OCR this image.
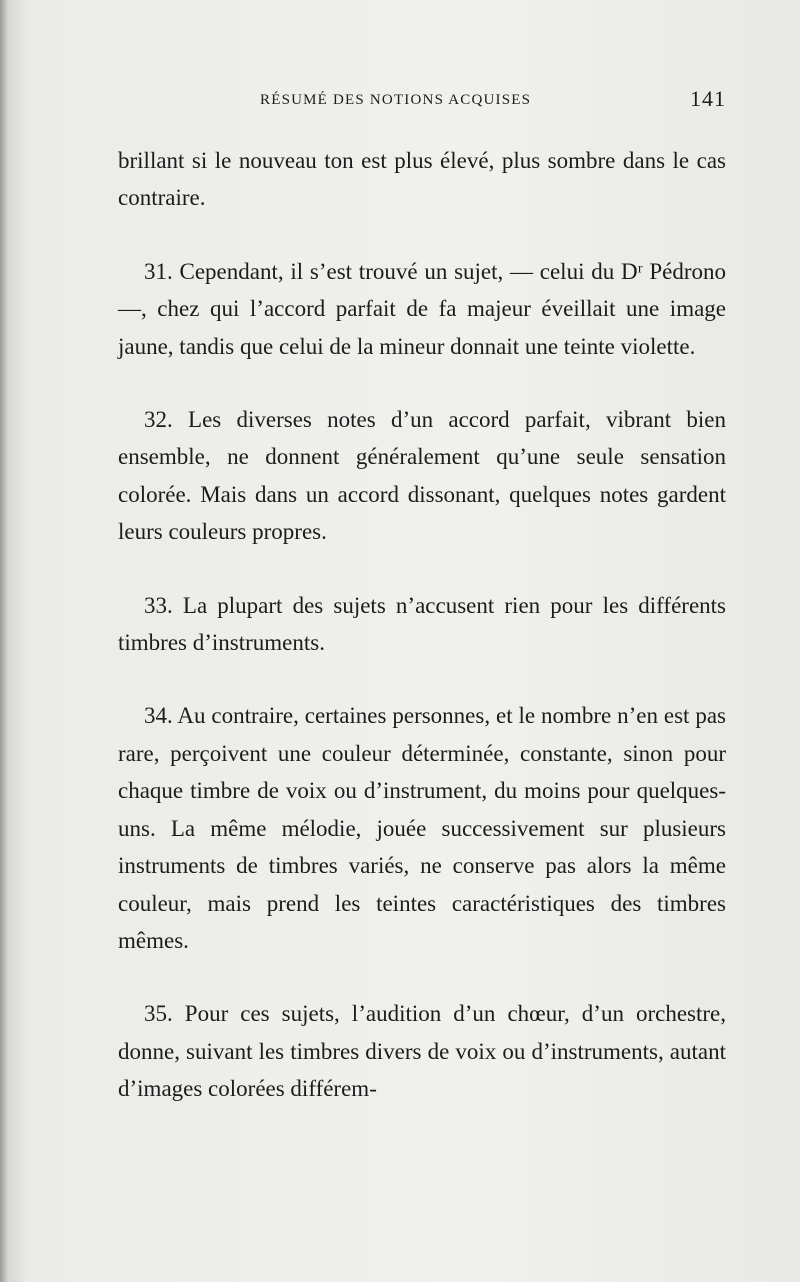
RÉSUMÉ DES NOTIONS ACQUISES	141

brillant si le nouveau ton est plus élevé, plus sombre dans le cas contraire.

31. Cependant, il s’est trouvé un sujet, — celui du Dʳ Pédrono —, chez qui l’accord parfait de fa majeur éveillait une image jaune, tandis que celui de la mineur donnait une teinte violette.

32. Les diverses notes d’un accord parfait, vibrant bien ensemble, ne donnent généralement qu’une seule sensation colorée. Mais dans un accord dissonant, quelques notes gardent leurs couleurs propres.

33. La plupart des sujets n’accusent rien pour les différents timbres d’instruments.

34. Au contraire, certaines personnes, et le nombre n’en est pas rare, perçoivent une couleur déterminée, constante, sinon pour chaque timbre de voix ou d’instrument, du moins pour quelques-uns. La même mélodie, jouée successivement sur plusieurs instruments de timbres variés, ne conserve pas alors la même couleur, mais prend les teintes caractéristiques des timbres mêmes.

35. Pour ces sujets, l’audition d’un chœur, d’un orchestre, donne, suivant les timbres divers de voix ou d’instruments, autant d’images colorées différem-
